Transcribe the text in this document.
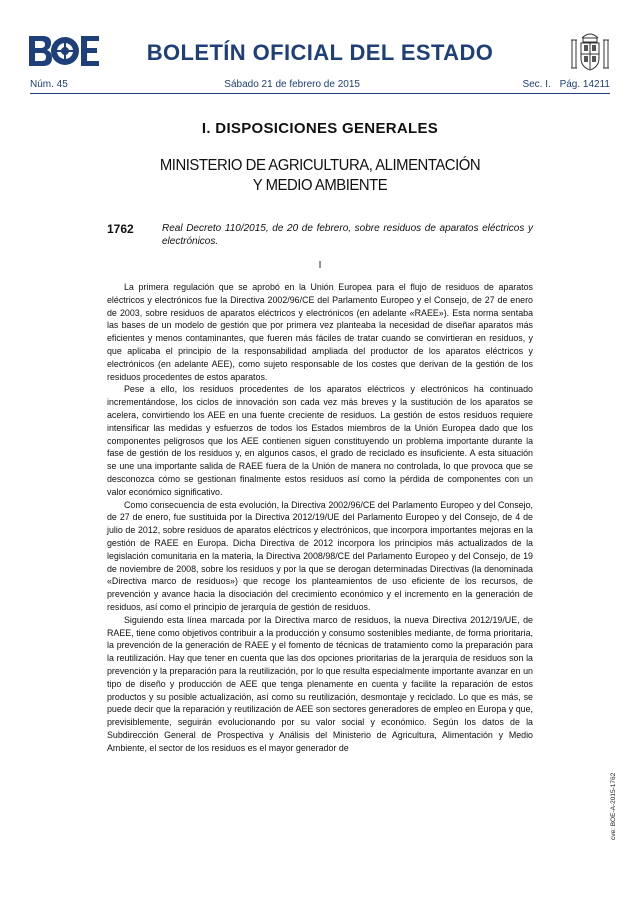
BOLETÍN OFICIAL DEL ESTADO
Núm. 45	Sábado 21 de febrero de 2015	Sec. I. Pág. 14211
I. DISPOSICIONES GENERALES
MINISTERIO DE AGRICULTURA, ALIMENTACIÓN
Y MEDIO AMBIENTE
1762	Real Decreto 110/2015, de 20 de febrero, sobre residuos de aparatos eléctricos y electrónicos.
I

La primera regulación que se aprobó en la Unión Europea para el flujo de residuos de aparatos eléctricos y electrónicos fue la Directiva 2002/96/CE del Parlamento Europeo y el Consejo, de 27 de enero de 2003, sobre residuos de aparatos eléctricos y electrónicos (en adelante «RAEE»). Esta norma sentaba las bases de un modelo de gestión que por primera vez planteaba la necesidad de diseñar aparatos más eficientes y menos contaminantes, que fueren más fáciles de tratar cuando se convirtieran en residuos, y que aplicaba el principio de la responsabilidad ampliada del productor de los aparatos eléctricos y electrónicos (en adelante AEE), como sujeto responsable de los costes que derivan de la gestión de los residuos procedentes de estos aparatos.

Pese a ello, los residuos procedentes de los aparatos eléctricos y electrónicos ha continuado incrementándose, los ciclos de innovación son cada vez más breves y la sustitución de los aparatos se acelera, convirtiendo los AEE en una fuente creciente de residuos. La gestión de estos residuos requiere intensificar las medidas y esfuerzos de todos los Estados miembros de la Unión Europea dado que los componentes peligrosos que los AEE contienen siguen constituyendo un problema importante durante la fase de gestión de los residuos y, en algunos casos, el grado de reciclado es insuficiente. A esta situación se une una importante salida de RAEE fuera de la Unión de manera no controlada, lo que provoca que se desconozca cómo se gestionan finalmente estos residuos así como la pérdida de componentes con un valor económico significativo.

Como consecuencia de esta evolución, la Directiva 2002/96/CE del Parlamento Europeo y del Consejo, de 27 de enero, fue sustituida por la Directiva 2012/19/UE del Parlamento Europeo y del Consejo, de 4 de julio de 2012, sobre residuos de aparatos eléctricos y electrónicos, que incorpora importantes mejoras en la gestión de RAEE en Europa. Dicha Directiva de 2012 incorpora los principios más actualizados de la legislación comunitaria en la materia, la Directiva 2008/98/CE del Parlamento Europeo y del Consejo, de 19 de noviembre de 2008, sobre los residuos y por la que se derogan determinadas Directivas (la denominada «Directiva marco de residuos») que recoge los planteamientos de uso eficiente de los recursos, de prevención y avance hacia la disociación del crecimiento económico y el incremento en la generación de residuos, así como el principio de jerarquía de gestión de residuos.

Siguiendo esta línea marcada por la Directiva marco de residuos, la nueva Directiva 2012/19/UE, de RAEE, tiene como objetivos contribuir a la producción y consumo sostenibles mediante, de forma prioritaria, la prevención de la generación de RAEE y el fomento de técnicas de tratamiento como la preparación para la reutilización. Hay que tener en cuenta que las dos opciones prioritarias de la jerarquía de residuos son la prevención y la preparación para la reutilización, por lo que resulta especialmente importante avanzar en un tipo de diseño y producción de AEE que tenga plenamente en cuenta y facilite la reparación de estos productos y su posible actualización, así como su reutilización, desmontaje y reciclado. Lo que es más, se puede decir que la reparación y reutilización de AEE son sectores generadores de empleo en Europa y que, previsiblemente, seguirán evolucionando por su valor social y económico. Según los datos de la Subdirección General de Prospectiva y Análisis del Ministerio de Agricultura, Alimentación y Medio Ambiente, el sector de los residuos es el mayor generador de

cve: BOE-A-2015-1762
